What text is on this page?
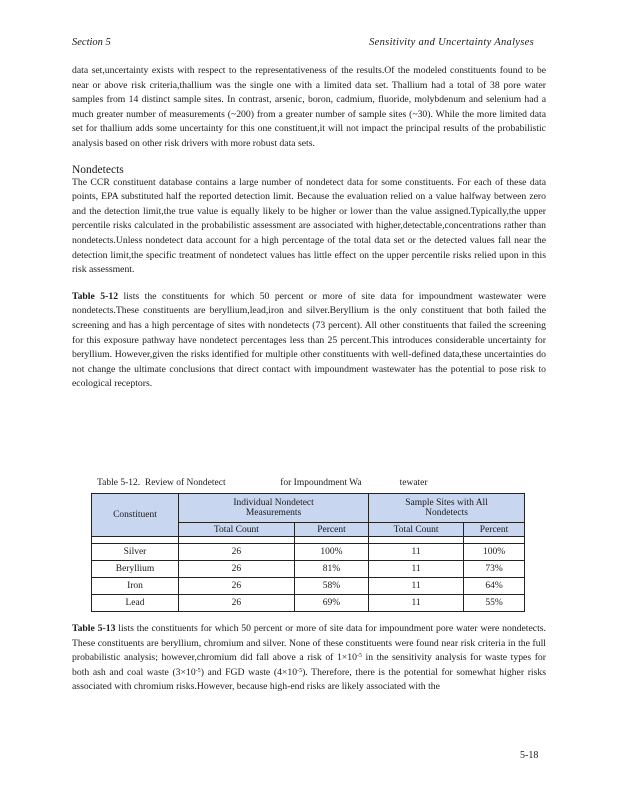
Section 5	Sensitivity and Uncertainty Analyses

data set,uncertainty exists with respect to the representativeness of the results.Of the modeled constituents found to be near or above risk criteria,thallium was the single one with a limited data set. Thallium had a total of 38 pore water samples from 14 distinct sample sites. In contrast, arsenic, boron, cadmium, fluoride, molybdenum and selenium had a much greater number of measurements (~200) from a greater number of sample sites (~30). While the more limited data set for thallium adds some uncertainty for this one constituent,it will not impact the principal results of the probabilistic analysis based on other risk drivers with more robust data sets.

Nondetects

The CCR constituent database contains a large number of nondetect data for some constituents. For each of these data points, EPA substituted half the reported detection limit. Because the evaluation relied on a value halfway between zero and the detection limit,the true value is equally likely to be higher or lower than the value assigned.Typically,the upper percentile risks calculated in the probabilistic assessment are associated with higher,detectable,concentrations rather than nondetects.Unless nondetect data account for a high percentage of the total data set or the detected values fall near the detection limit,the specific treatment of nondetect values has little effect on the upper percentile risks relied upon in this risk assessment.

Table 5-12 lists the constituents for which 50 percent or more of site data for impoundment wastewater were nondetects.These constituents are beryllium,lead,iron and silver.Beryllium is the only constituent that both failed the screening and has a high percentage of sites with nondetects (73 percent). All other constituents that failed the screening for this exposure pathway have nondetect percentages less than 25 percent.This introduces considerable uncertainty for beryllium. However,given the risks identified for multiple other constituents with well-defined data,these uncertainties do not change the ultimate conclusions that direct contact with impoundment wastewater has the potential to pose risk to ecological receptors.

Table 5-12.  Review of Nondetect                       for Impoundment Wa                tewater
Constituent	Individual Nondetect Measurements		Sample Sites with All Nondetects	
	Total Count	Percent	Total Count	Percent

Silver	26	100%	11	100%
Beryllium	26	81%	11	73%
Iron	26	58%	11	64%
Lead	26	69%	11	55%

Table 5-13 lists the constituents for which 50 percent or more of site data for impoundment pore water were nondetects. These constituents are beryllium, chromium and silver. None of these constituents were found near risk criteria in the full probabilistic analysis; however,chromium did fall above a risk of $1\times 10^{-5}$ in the sensitivity analysis for waste types for both ash and coal waste $(3\times 10^{-5})$ and FGD waste $(4\times 10^{-5})$. Therefore, there is the potential for somewhat higher risks associated with chromium risks.However, because high-end risks are likely associated with the

5-18
